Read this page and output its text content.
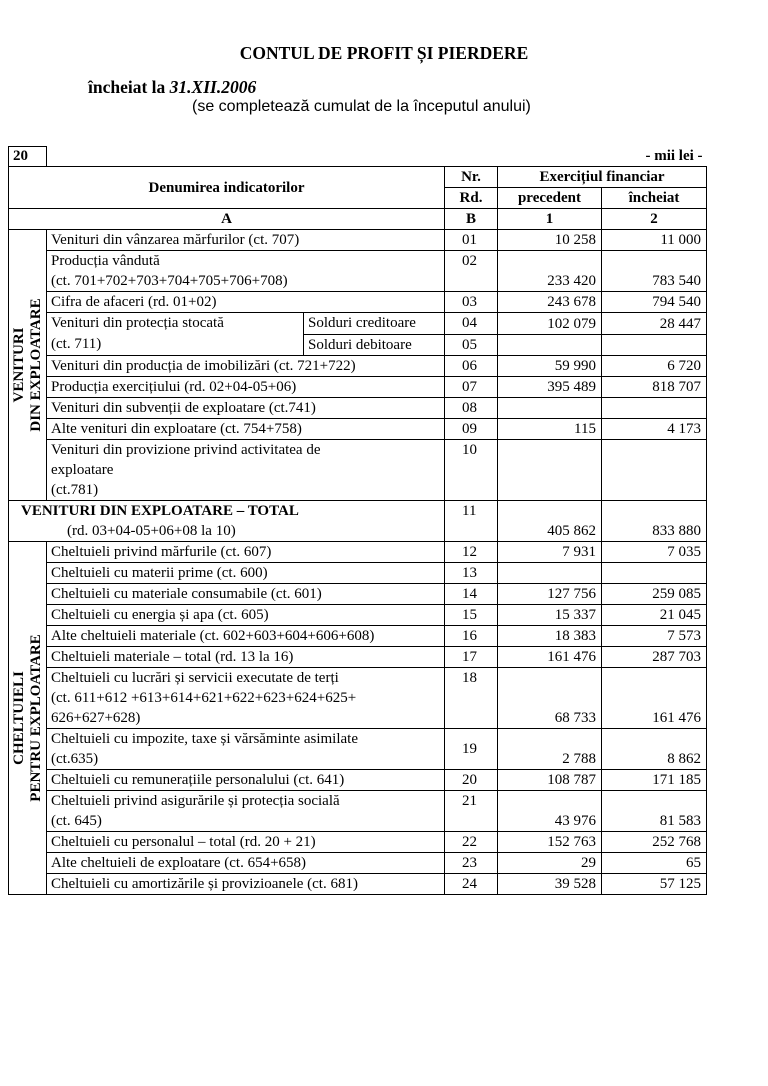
CONTUL DE PROFIT ȘI PIERDERE
încheiat la 31.XII.2006
(se completează cumulat de la începutul anului)
20	- mii lei -				
Denumirea indicatorilor			Nr.	Exercițiul financiar	
			Rd.	precedent	încheiat
A			B	1	2

VENITURI
DIN EXPLOATARE	Venituri din vânzarea mărfurilor (ct. 707)		01	10 258	11 000
	Producția vândută
(ct. 701+702+703+704+705+706+708)		02	233 420	783 540
	Cifra de afaceri (rd. 01+02)		03	243 678	794 540
	Venituri din protecția stocată
(ct. 711)	Solduri creditoare	04	102 079	28 447
		Solduri debitoare	05		
	Venituri din producția de imobilizări (ct. 721+722)		06	59 990	6 720
	Producția exercițiului (rd. 02+04-05+06)		07	395 489	818 707
	Venituri din subvenții de exploatare (ct.741)		08		
	Alte venituri din exploatare (ct. 754+758)		09	115	4 173
	Venituri din provizione privind activitatea de
exploatare
(ct.781)		10		

VENITURI DIN EXPLOATARE – TOTAL
(rd. 03+04-05+06+08 la 10)			11	405 862	833 880

CHELTUIELI
PENTRU EXPLOATARE	Cheltuieli privind mărfurile (ct. 607)		12	7 931	7 035
	Cheltuieli cu materii prime (ct. 600)		13		
	Cheltuieli cu materiale consumabile (ct. 601)		14	127 756	259 085
	Cheltuieli cu energia și apa (ct. 605)		15	15 337	21 045
	Alte cheltuieli materiale (ct. 602+603+604+606+608)		16	18 383	7 573
	Cheltuieli materiale – total (rd. 13 la 16)		17	161 476	287 703
	Cheltuieli cu lucrări și servicii executate de terți
(ct. 611+612 +613+614+621+622+623+624+625+
626+627+628)		18	68 733	161 476
	Cheltuieli cu impozite, taxe și vărsăminte asimilate
(ct.635)		19	2 788	8 862
	Cheltuieli cu remunerațiile personalului (ct. 641)		20	108 787	171 185
	Cheltuieli privind asigurările și protecția socială
(ct. 645)		21	43 976	81 583
	Cheltuieli cu personalul – total (rd. 20 + 21)		22	152 763	252 768
	Alte cheltuieli de exploatare (ct. 654+658)		23	29	65
	Cheltuieli cu amortizările și provizioanele (ct. 681)		24	39 528	57 125
